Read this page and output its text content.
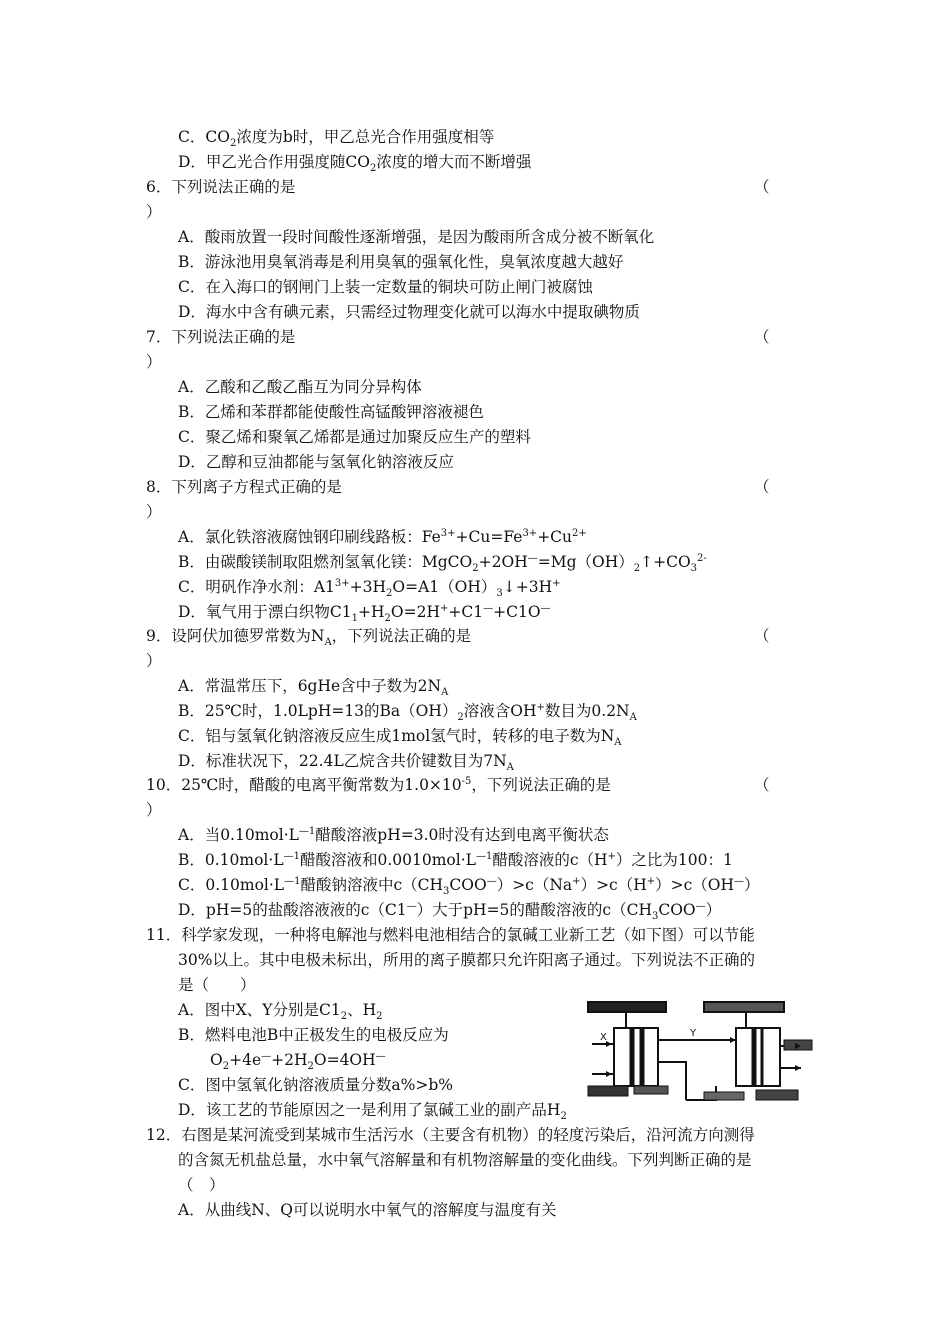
C．$CO_2$浓度为b时，甲乙总光合作用强度相等
D．甲乙光合作用强度随$CO_2$浓度的增大而不断增强
6．下列说法正确的是	（
）
A．酸雨放置一段时间酸性逐渐增强，是因为酸雨所含成分被不断氧化
B．游泳池用臭氧消毒是利用臭氧的强氧化性，臭氧浓度越大越好
C．在入海口的钢闸门上装一定数量的铜块可防止闸门被腐蚀
D．海水中含有碘元素，只需经过物理变化就可以海水中提取碘物质
7．下列说法正确的是	（
）
A．乙酸和乙酸乙酯互为同分异构体
B．乙烯和苯群都能使酸性高锰酸钾溶液褪色
C．聚乙烯和聚氧乙烯都是通过加聚反应生产的塑料
D．乙醇和豆油都能与氢氧化钠溶液反应
8．下列离子方程式正确的是	（
）
A．氯化铁溶液腐蚀钢印刷线路板：$Fe^{3+}+Cu=Fe^{3+}+Cu^{2+}$
B．由碳酸镁制取阻燃剂氢氧化镁：$MgCO_2+2OH^—=Mg(OH)_2↑+CO_3^{2-}$
C．明矾作净水剂：$A1^{3+}+3H_2O=A1(OH)_3↓+3H^+$
D．氧气用于漂白织物$C1_1+H_2O=2H^++C1^—+C1O^—$
9．设阿伏加德罗常数为$N_A$，下列说法正确的是	（
）
A．常温常压下，6gHe含中子数为$2N_A$
B．25℃时，1.0LpH=13的$Ba(OH)_2$溶液含OH+数目为$0.2N_A$
C．铝与氢氧化钠溶液反应生成1mol氢气时，转移的电子数为$N_A$
D．标准状况下，22.4L乙烷含共价键数目为$7N_A$
10．25℃时，醋酸的电离平衡常数为$1.0\times 10^{-5}$，下列说法正确的是	（
）
A．当$0.10mol\cdot L^{—1}$醋酸溶液pH=3.0时没有达到电离平衡状态
B．$0.10mol\cdot L^{—1}$醋酸溶液和$0.0010mol\cdot L^{—1}$醋酸溶液的c（H+）之比为100：1
C．$0.10mol\cdot L^{—1}$醋酸钠溶液中$c(CH_3COO^—)>c(Na^+)>c(H^+)>c(OH^—)$
D．pH=5的盐酸溶液液的c（C1—）大于pH=5的醋酸溶液的$c(CH_3COO^—)$
11．科学家发现，一种将电解池与燃料电池相结合的氯碱工业新工艺（如下图）可以节能
30%以上。其中电极未标出，所用的离子膜都只允许阳离子通过。下列说法不正确的
是（　　）
A．图中X、Y分别是$C1_2$、$H_2$
B．燃料电池B中正极发生的电极反应为
$O_2+4e^—+2H_2O=4OH^—$
C．图中氢氧化钠溶液质量分数a%>b%
D．该工艺的节能原因之一是利用了氯碱工业的副产品$H_2$
X	Y
12．右图是某河流受到某城市生活污水（主要含有机物）的轻度污染后，沿河流方向测得
的含氮无机盐总量，水中氧气溶解量和有机物溶解量的变化曲线。下列判断正确的是
（　）
A．从曲线N、Q可以说明水中氧气的溶解度与温度有关
